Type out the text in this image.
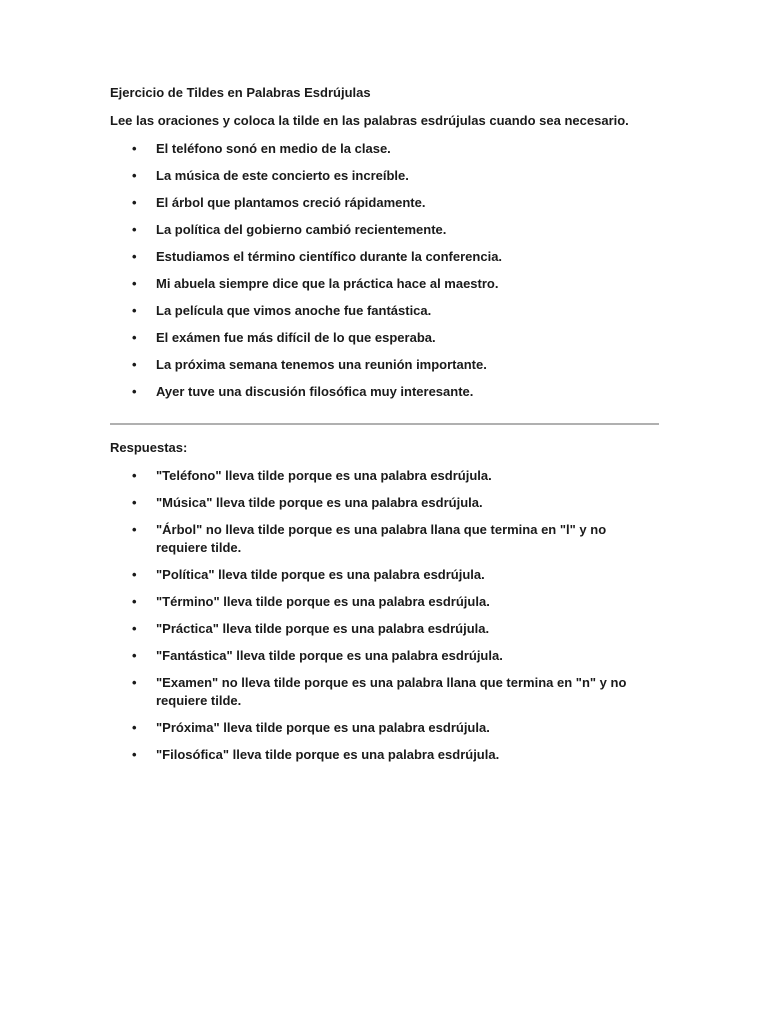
Ejercicio de Tildes en Palabras Esdrújulas

Lee las oraciones y coloca la tilde en las palabras esdrújulas cuando sea necesario.

• El teléfono sonó en medio de la clase.
• La música de este concierto es increíble.
• El árbol que plantamos creció rápidamente.
• La política del gobierno cambió recientemente.
• Estudiamos el término científico durante la conferencia.
• Mi abuela siempre dice que la práctica hace al maestro.
• La película que vimos anoche fue fantástica.
• El exámen fue más difícil de lo que esperaba.
• La próxima semana tenemos una reunión importante.
• Ayer tuve una discusión filosófica muy interesante.

Respuestas:

• "Teléfono" lleva tilde porque es una palabra esdrújula.
• "Música" lleva tilde porque es una palabra esdrújula.
• "Árbol" no lleva tilde porque es una palabra llana que termina en "l" y no requiere tilde.
• "Política" lleva tilde porque es una palabra esdrújula.
• "Término" lleva tilde porque es una palabra esdrújula.
• "Práctica" lleva tilde porque es una palabra esdrújula.
• "Fantástica" lleva tilde porque es una palabra esdrújula.
• "Examen" no lleva tilde porque es una palabra llana que termina en "n" y no requiere tilde.
• "Próxima" lleva tilde porque es una palabra esdrújula.
• "Filosófica" lleva tilde porque es una palabra esdrújula.
